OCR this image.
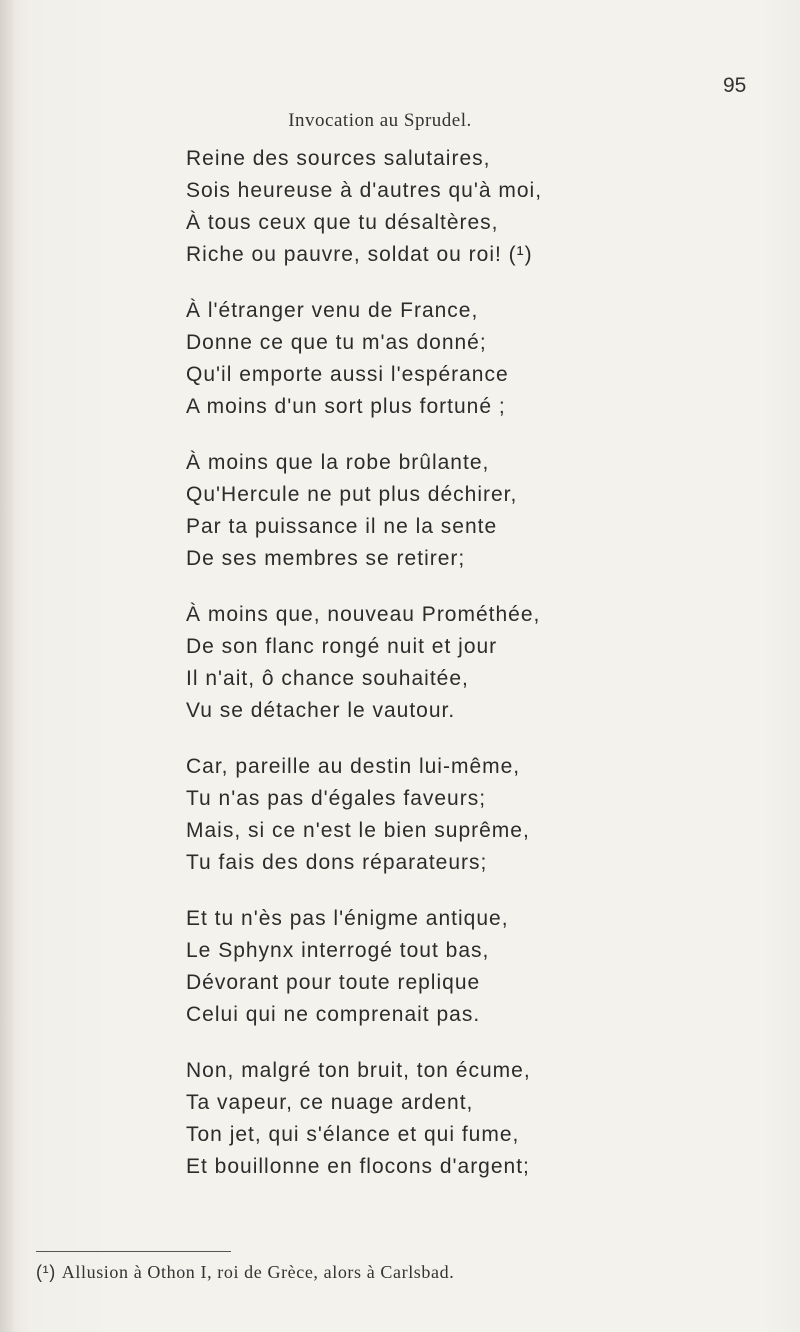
95
Invocation au Sprudel.
Reine des sources salutaires,
Sois heureuse à d'autres qu'à moi,
À tous ceux que tu désaltères,
Riche ou pauvre, soldat ou roi! (¹)
À l'étranger venu de France,
Donne ce que tu m'as donné;
Qu'il emporte aussi l'espérance
A moins d'un sort plus fortuné ;
À moins que la robe brûlante,
Qu'Hercule ne put plus déchirer,
Par ta puissance il ne la sente
De ses membres se retirer;
À moins que, nouveau Prométhée,
De son flanc rongé nuit et jour
Il n'ait, ô chance souhaitée,
Vu se détacher le vautour.
Car, pareille au destin lui-même,
Tu n'as pas d'égales faveurs;
Mais, si ce n'est le bien suprême,
Tu fais des dons réparateurs;
Et tu n'ès pas l'énigme antique,
Le Sphynx interrogé tout bas,
Dévorant pour toute replique
Celui qui ne comprenait pas.
Non, malgré ton bruit, ton écume,
Ta vapeur, ce nuage ardent,
Ton jet, qui s'élance et qui fume,
Et bouillonne en flocons d'argent;
(¹) Allusion à Othon I, roi de Grèce, alors à Carlsbad.
